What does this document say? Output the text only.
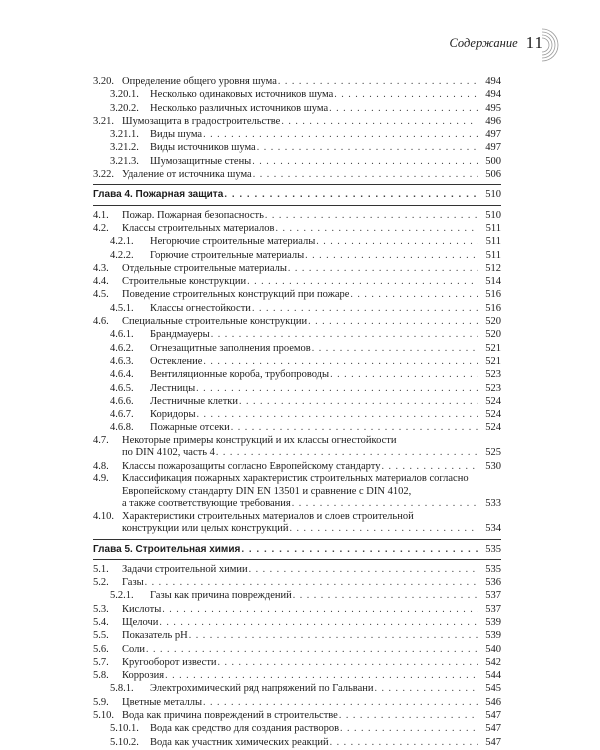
Содержание 11
3.20. Определение общего уровня шума . . .	494
3.20.1.	Несколько одинаковых источников шума . . .	494
3.20.2.	Несколько различных источников шума . . .	495
3.21. Шумозащита в градостроительстве . . .	496
3.21.1.	Виды шума . . .	497
3.21.2.	Виды источников шума . . .	497
3.21.3.	Шумозащитные стены . . .	500
3.22. Удаление от источника шума . . .	506
Глава 4. Пожарная защита . . .	510
4.1.	Пожар. Пожарная безопасность . . .	510
4.2.	Классы строительных материалов . . .	511
4.2.1.	Негорючие строительные материалы . . .	511
4.2.2.	Горючие строительные материалы . . .	511
4.3.	Отдельные строительные материалы . . .	512
4.4.	Строительные конструкции . . .	514
4.5.	Поведение строительных конструкций при пожаре . . .	516
4.5.1.	Классы огнестойкости . . .	516
4.6.	Специальные строительные конструкции . . .	520
4.6.1.	Брандмауеры . . .	520
4.6.2.	Огнезащитные заполнения проемов . . .	521
4.6.3.	Остекление . . .	521
4.6.4.	Вентиляционные короба, трубопроводы . . .	523
4.6.5.	Лестницы . . .	523
4.6.6.	Лестничные клетки . . .	524
4.6.7.	Коридоры . . .	524
4.6.8.	Пожарные отсеки . . .	524
4.7. Некоторые примеры конструкций и их классы огнестойкости
по DIN 4102, часть 4 . . .	525
4.8.	Классы пожарозащиты согласно Европейскому стандарту . . .	530
4.9. Классификация пожарных характеристик строительных материалов согласно
Европейскому стандарту DIN EN 13501 и сравнение с DIN 4102,
а также соответствующие требования . . .	533
4.10. Характеристики строительных материалов и слоев строительной
конструкции или целых конструкций . . .	534
Глава 5. Строительная химия . . .	535
5.1.	Задачи строительной химии . . .	535
5.2.	Газы . . .	536
5.2.1.	Газы как причина повреждений . . .	537
5.3.	Кислоты . . .	537
5.4.	Щелочи . . .	539
5.5.	Показатель pH . . .	539
5.6.	Соли . . .	540
5.7.	Кругооборот извести . . .	542
5.8.	Коррозия . . .	544
5.8.1.	Электрохимический ряд напряжений по Гальвани . . .	545
5.9.	Цветные металлы . . .	546
5.10. Вода как причина повреждений в строительстве . . .	547
5.10.1.	Вода как средство для создания растворов . . .	547
5.10.2.	Вода как участник химических реакций . . .	547
